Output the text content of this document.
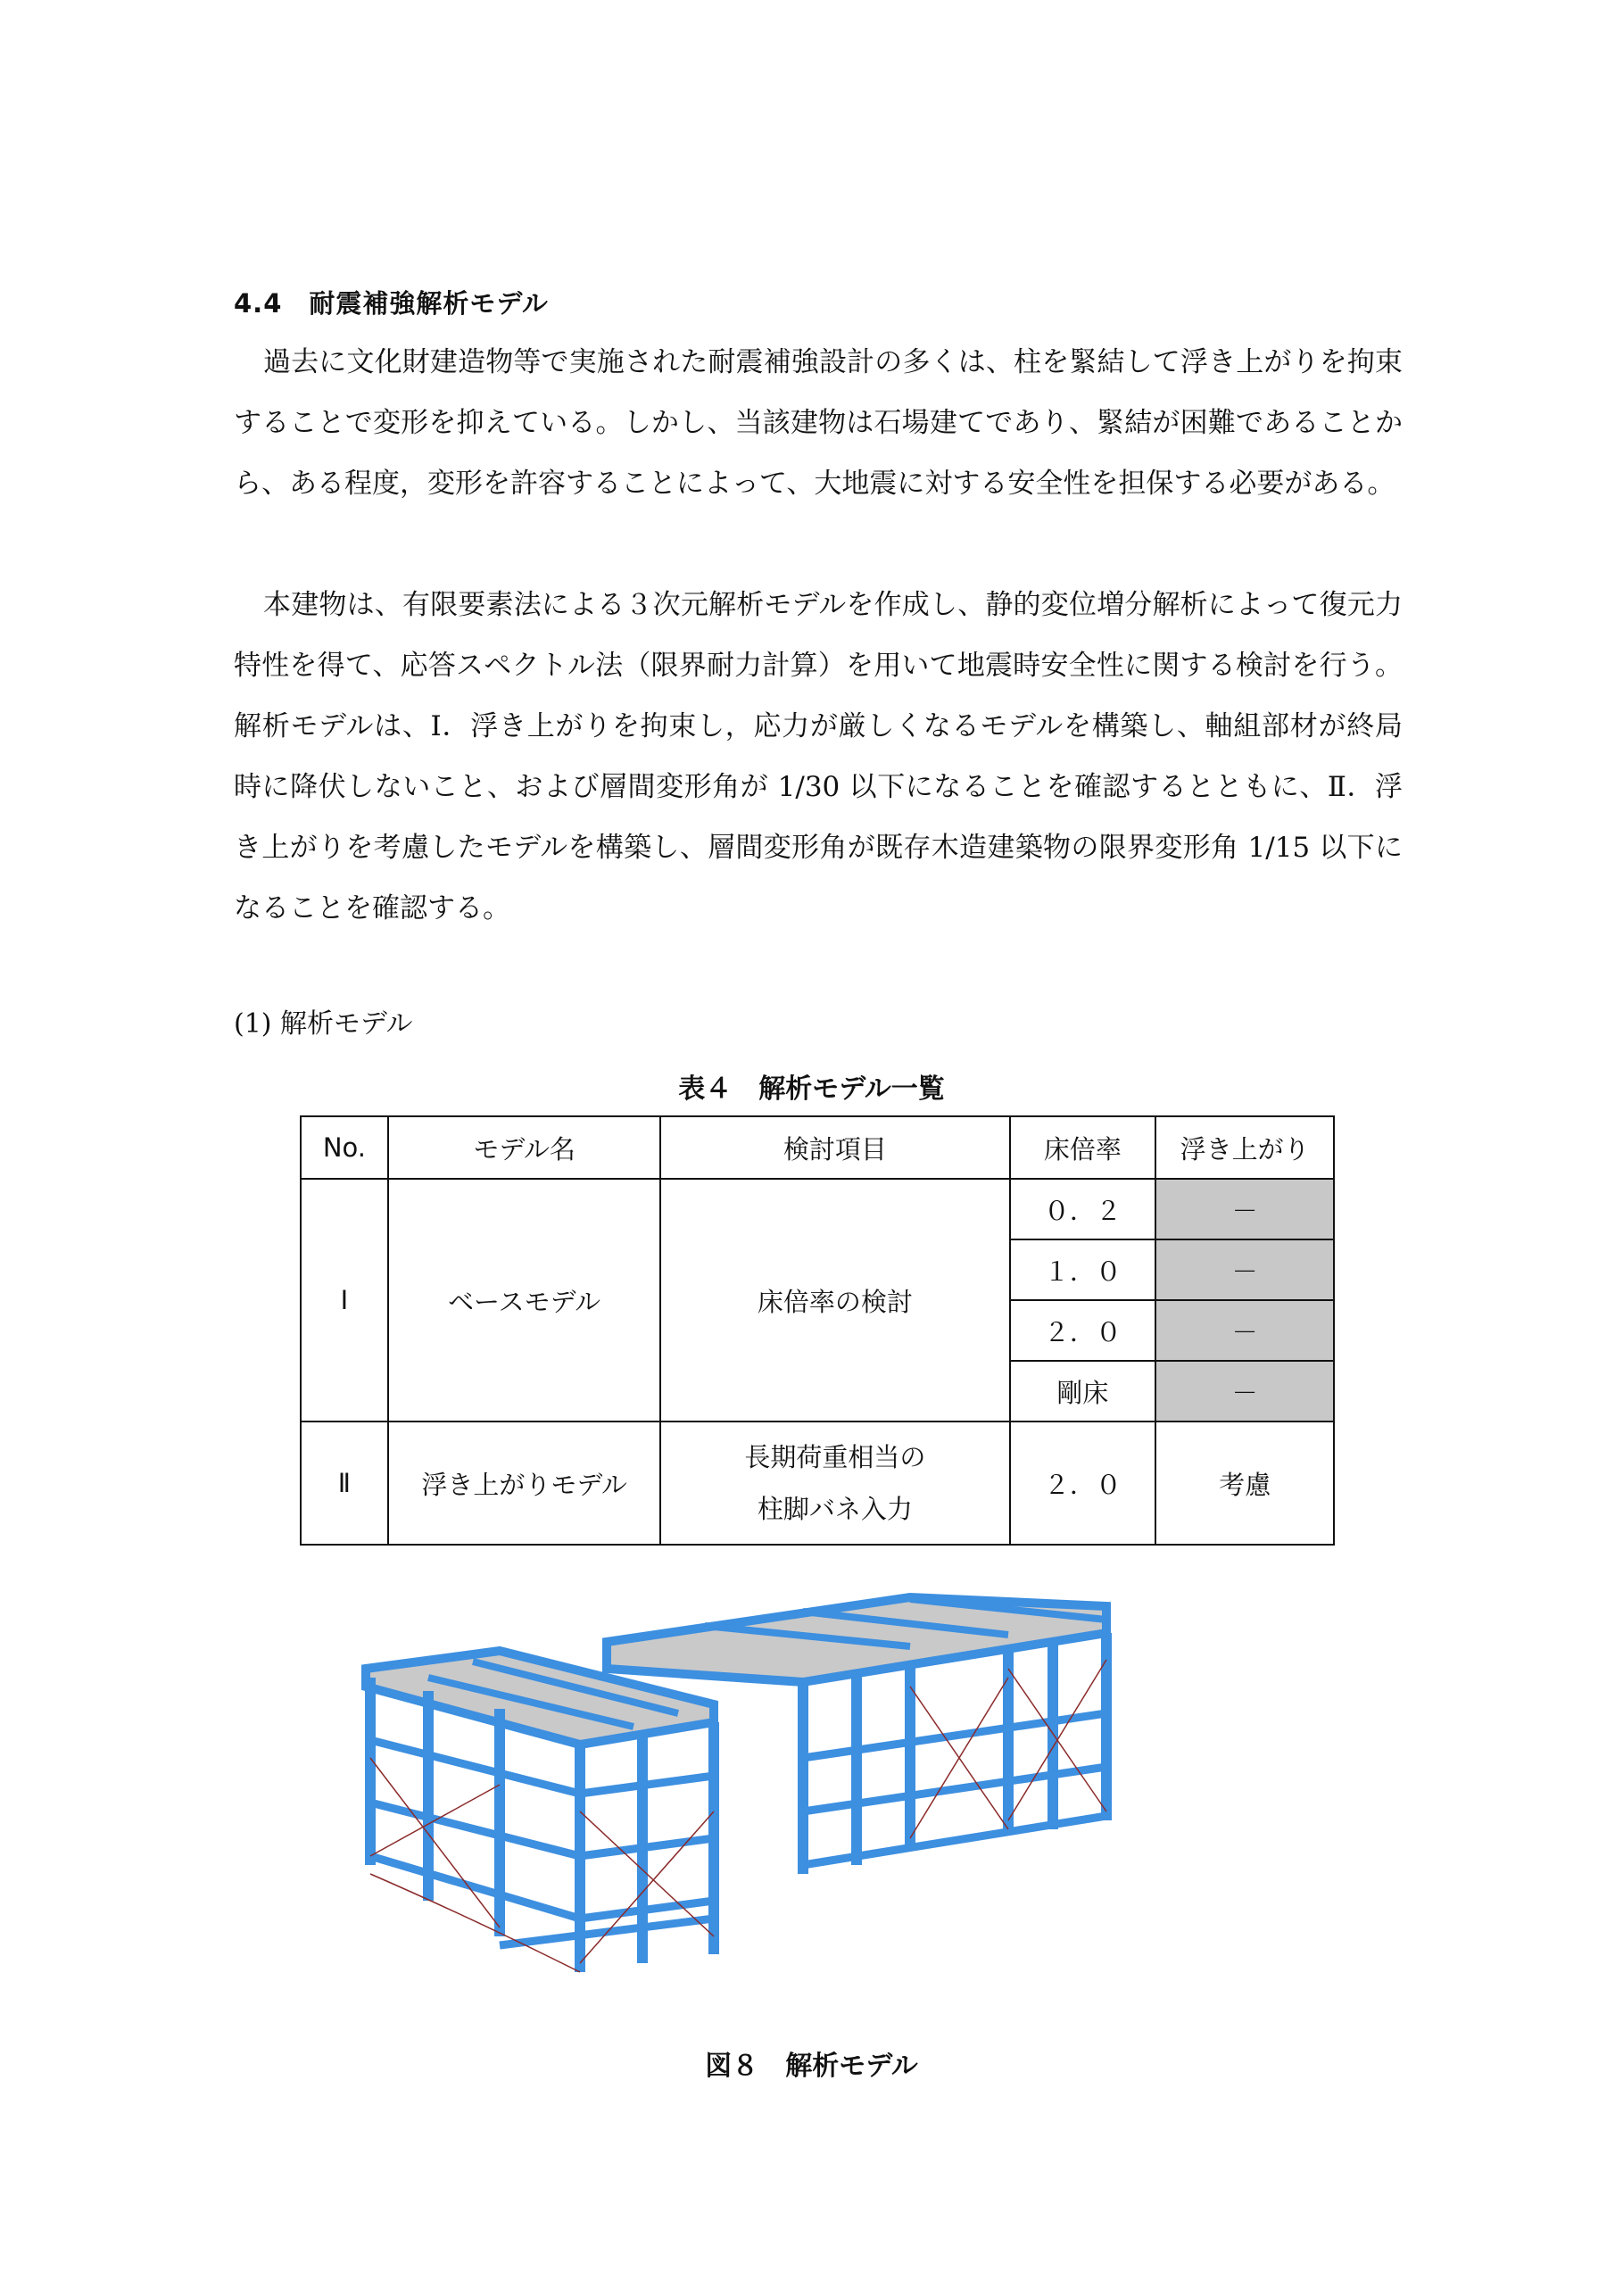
4.4　耐震補強解析モデル

過去に文化財建造物等で実施された耐震補強設計の多くは、柱を緊結して浮き上がりを拘束することで変形を抑えている。しかし、当該建物は石場建てであり、緊結が困難であることから、ある程度，変形を許容することによって、大地震に対する安全性を担保する必要がある。

本建物は、有限要素法による３次元解析モデルを作成し、静的変位増分解析によって復元力特性を得て、応答スペクトル法（限界耐力計算）を用いて地震時安全性に関する検討を行う。解析モデルは、Ⅰ．浮き上がりを拘束し，応力が厳しくなるモデルを構築し、軸組部材が終局時に降伏しないこと、および層間変形角が 1/30 以下になることを確認するとともに、Ⅱ．浮き上がりを考慮したモデルを構築し、層間変形角が既存木造建築物の限界変形角 1/15 以下になることを確認する。

(1) 解析モデル
表４　解析モデル一覧
No.	モデル名	検討項目	床倍率	浮き上がり
Ⅰ	ベースモデル	床倍率の検討	０．２	－
			１．０	－
			２．０	－
			剛床	－
Ⅱ	浮き上がりモデル	長期荷重相当の
柱脚バネ入力	２．０	考慮
図８　解析モデル
